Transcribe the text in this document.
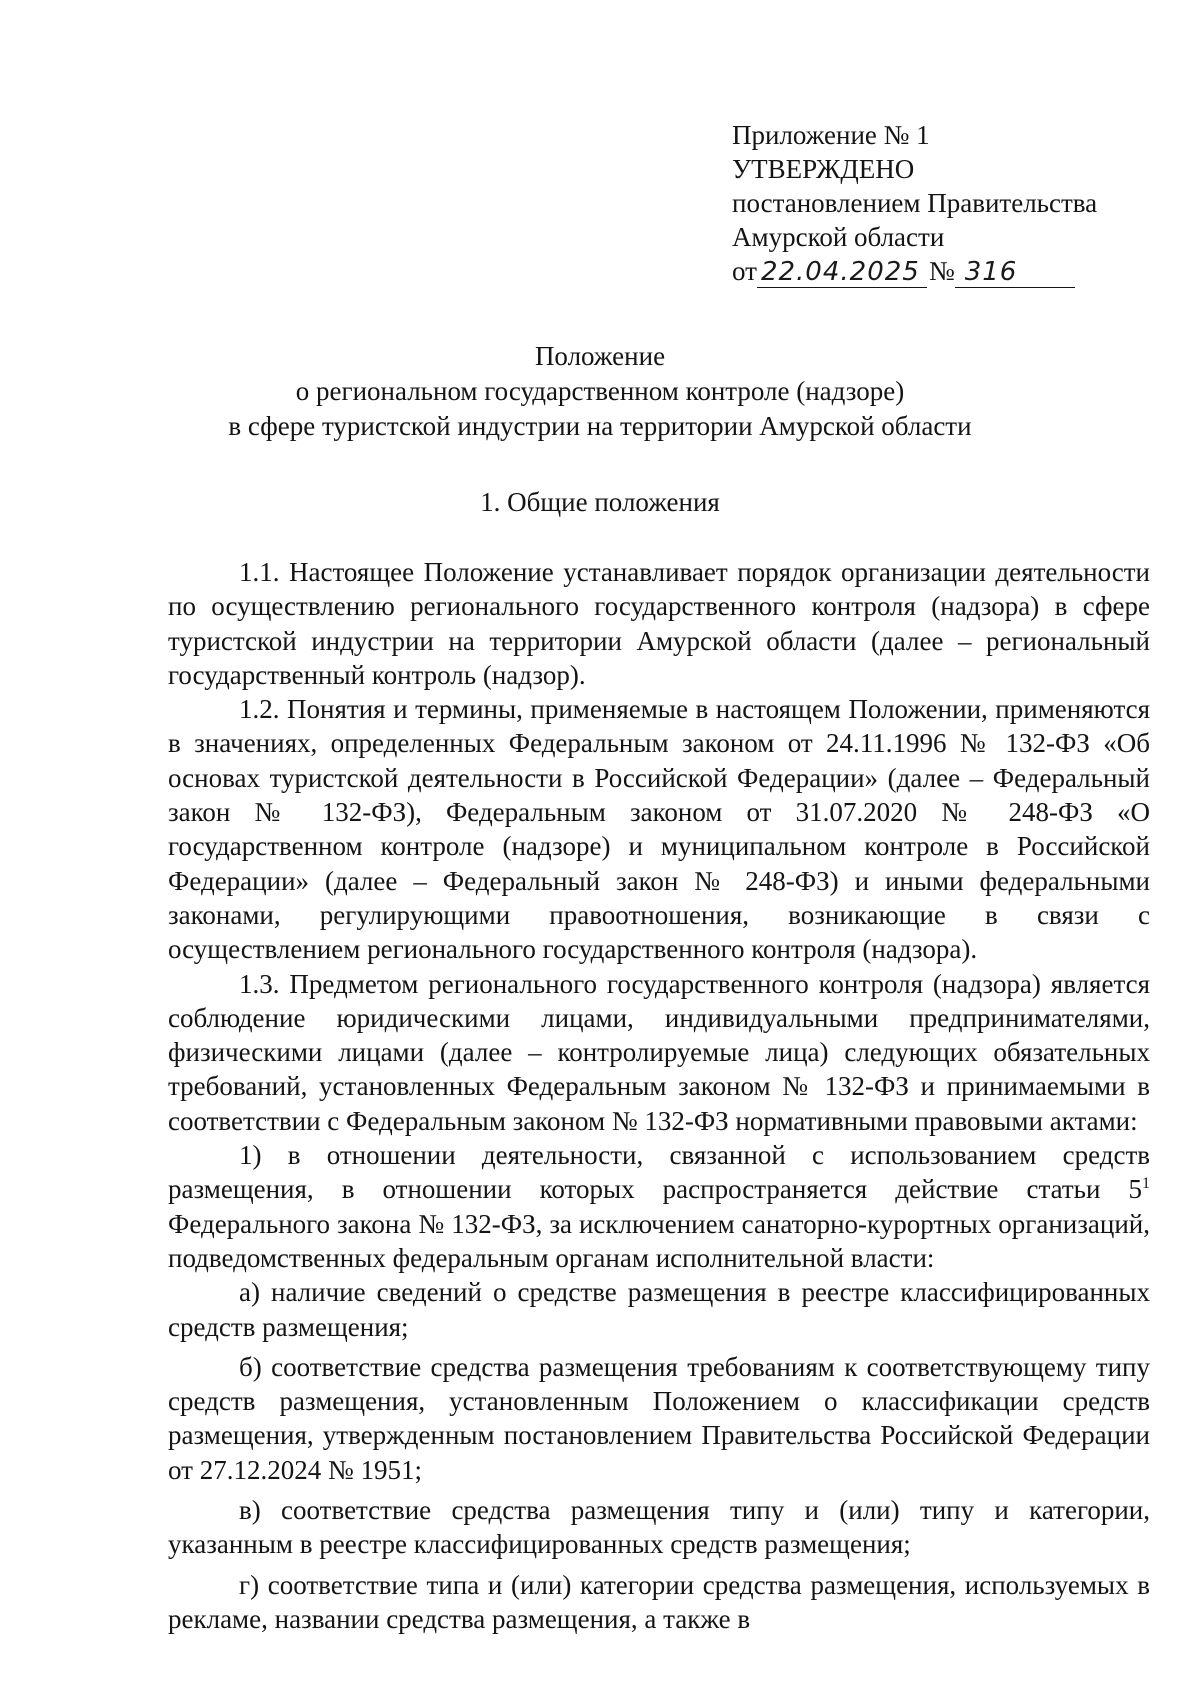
Приложение № 1
УТВЕРЖДЕНО
постановлением Правительства
Амурской области
от 22.04.2025 № 316
Положение
о региональном государственном контроле (надзоре)
в сфере туристской индустрии на территории Амурской области
1. Общие положения

1.1. Настоящее Положение устанавливает порядок организации деятельности по осуществлению регионального государственного контроля (надзора) в сфере туристской индустрии на территории Амурской области (далее – региональный государственный контроль (надзор).

1.2. Понятия и термины, применяемые в настоящем Положении, применяются в значениях, определенных Федеральным законом от 24.11.1996 № 132-ФЗ «Об основах туристской деятельности в Российской Федерации» (далее – Федеральный закон № 132-ФЗ), Федеральным законом от 31.07.2020 № 248-ФЗ «О государственном контроле (надзоре) и муниципальном контроле в Российской Федерации» (далее – Федеральный закон № 248-ФЗ) и иными федеральными законами, регулирующими правоотношения, возникающие в связи с осуществлением регионального государственного контроля (надзора).

1.3. Предметом регионального государственного контроля (надзора) является соблюдение юридическими лицами, индивидуальными предпринимателями, физическими лицами (далее – контролируемые лица) следующих обязательных требований, установленных Федеральным законом № 132-ФЗ и принимаемыми в соответствии с Федеральным законом № 132-ФЗ нормативными правовыми актами:

1) в отношении деятельности, связанной с использованием средств размещения, в отношении которых распространяется действие статьи $5^1$ Федерального закона № 132-ФЗ, за исключением санаторно-курортных организаций, подведомственных федеральным органам исполнительной власти:

а) наличие сведений о средстве размещения в реестре классифицированных средств размещения;

б) соответствие средства размещения требованиям к соответствующему типу средств размещения, установленным Положением о классификации средств размещения, утвержденным постановлением Правительства Российской Федерации от 27.12.2024 № 1951;

в) соответствие средства размещения типу и (или) типу и категории, указанным в реестре классифицированных средств размещения;

г) соответствие типа и (или) категории средства размещения, используемых в рекламе, названии средства размещения, а также в
